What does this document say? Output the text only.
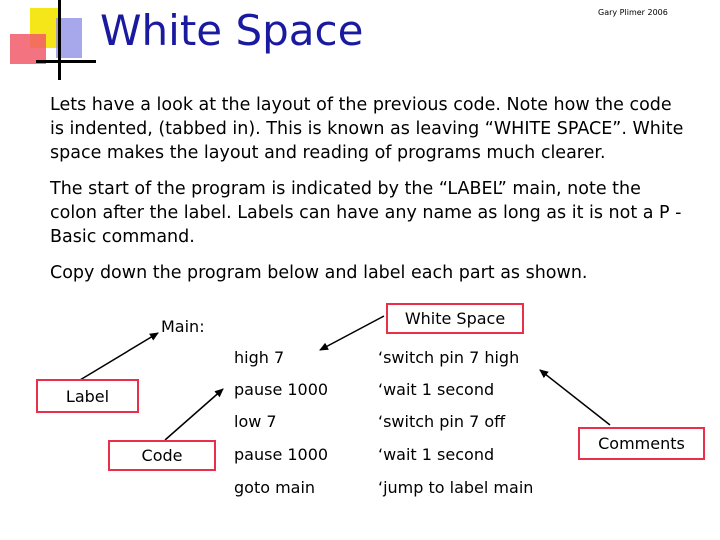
White Space	Gary Plimer 2006
Lets have a look at the layout of the previous code. Note how the code is indented, (tabbed in). This is known as leaving “WHITE SPACE”. White space makes the layout and reading of programs much clearer.
The start of the program is indicated by the “LABEL” main, note the colon after the label. Labels can have any name as long as it is not a P - Basic command.
Copy down the program below and label each part as shown.
Main:	White Space
Label
Code
Comments
high 7	‘switch pin 7 high
pause 1000	‘wait 1 second
low 7	‘switch pin 7 off
pause 1000	‘wait 1 second
goto main	‘jump to label main
